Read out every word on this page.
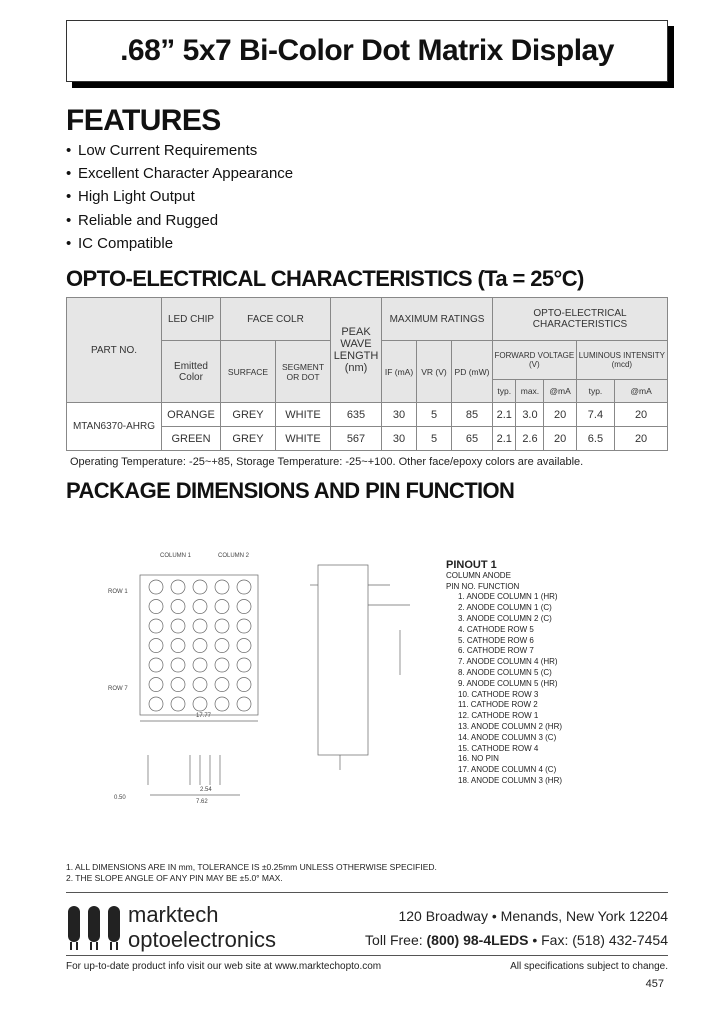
.68” 5x7 Bi-Color Dot Matrix Display
FEATURES
• Low Current Requirements
• Excellent Character Appearance
• High Light Output
• Reliable and Rugged
• IC Compatible
OPTO-ELECTRICAL CHARACTERISTICS (Ta = 25°C)
PART NO.	LED CHIP	FACE COLR		PEAK WAVE LENGTH (nm)	MAXIMUM RATINGS			OPTO-ELECTRICAL CHARACTERISTICS				
	Emitted Color	SURFACE	SEGMENT OR DOT		IF (mA)	VR (V)	PD (mW)	FORWARD VOLTAGE (V)			LUMINOUS INTENSITY (mcd)	
								typ.	max.	@mA	typ.	@mA
MTAN6370-AHRG	ORANGE	GREY	WHITE	635	30	5	85	2.1	3.0	20	7.4	20
	GREEN	GREY	WHITE	567	30	5	65	2.1	2.6	20	6.5	20
Operating Temperature: -25~+85, Storage Temperature: -25~+100. Other face/epoxy colors are available.
PACKAGE DIMENSIONS AND PIN FUNCTION
COLUMN 1	COLUMN 2
ROW 1
ROW 7
17.77
2.54
7.62
0.50
PINOUT 1
COLUMN ANODE
PIN NO. FUNCTION
1. ANODE COLUMN 1 (HR)
2. ANODE COLUMN 1 (C)
3. ANODE COLUMN 2 (C)
4. CATHODE ROW 5
5. CATHODE ROW 6
6. CATHODE ROW 7
7. ANODE COLUMN 4 (HR)
8. ANODE COLUMN 5 (C)
9. ANODE COLUMN 5 (HR)
10. CATHODE ROW 3
11. CATHODE ROW 2
12. CATHODE ROW 1
13. ANODE COLUMN 2 (HR)
14. ANODE COLUMN 3 (C)
15. CATHODE ROW 4
16. NO PIN
17. ANODE COLUMN 4 (C)
18. ANODE COLUMN 3 (HR)
1. ALL DIMENSIONS ARE IN mm, TOLERANCE IS ±0.25mm UNLESS OTHERWISE SPECIFIED.
2. THE SLOPE ANGLE OF ANY PIN MAY BE ±5.0° MAX.
marktech
optoelectronics
120 Broadway • Menands, New York 12204
Toll Free: (800) 98-4LEDS • Fax: (518) 432-7454
For up-to-date product info visit our web site at www.marktechopto.com	All specifications subject to change.
457
